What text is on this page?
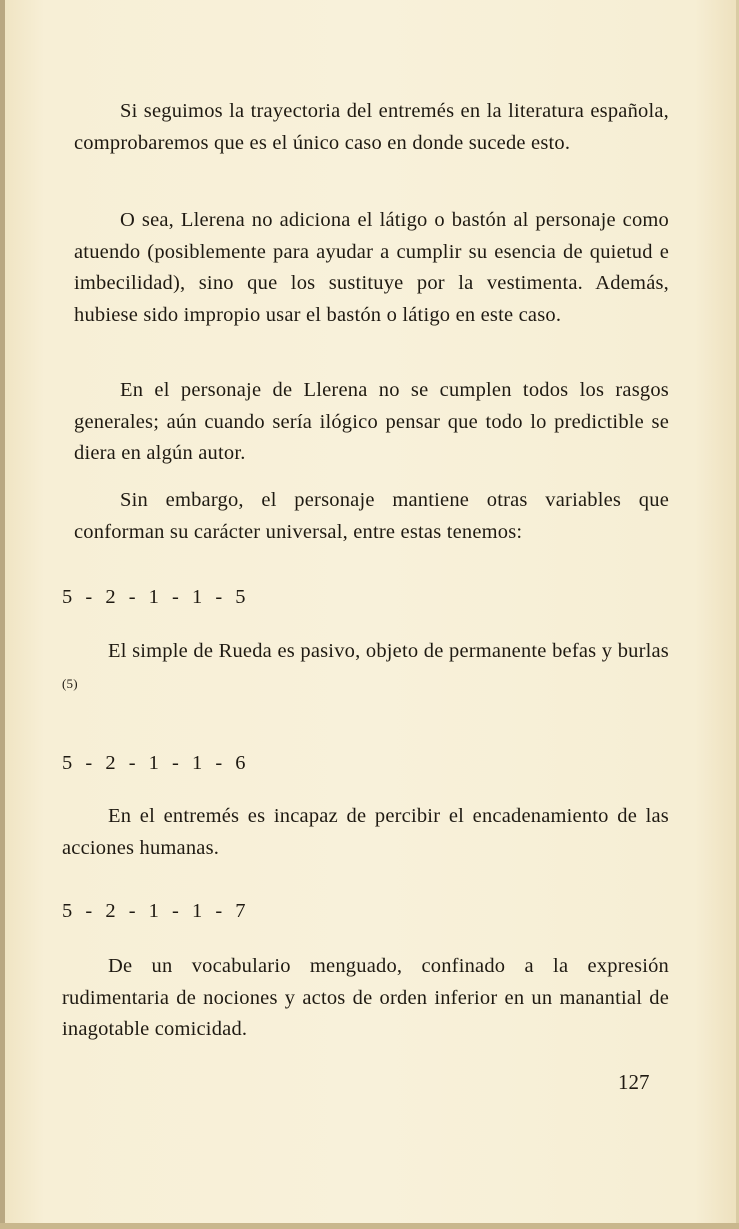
Si seguimos la trayectoria del entremés en la literatura española, comprobaremos que es el único caso en donde sucede esto.

O sea, Llerena no adiciona el látigo o bastón al personaje como atuendo (posiblemente para ayudar a cumplir su esencia de quietud e imbecilidad), sino que los sustituye por la vestimenta. Además, hubiese sido impropio usar el bastón o látigo en este caso.

En el personaje de Llerena no se cumplen todos los rasgos generales; aún cuando sería ilógico pensar que todo lo predictible se diera en algún autor.

Sin embargo, el personaje mantiene otras variables que conforman su carácter universal, entre estas tenemos:

5 - 2 - 1 - 1 - 5

El simple de Rueda es pasivo, objeto de permanente befas y burlas $^{(5)}$

5 - 2 - 1 - 1 - 6

En el entremés es incapaz de percibir el encadenamiento de las acciones humanas.

5 - 2 - 1 - 1 - 7

De un vocabulario menguado, confinado a la expresión rudimentaria de nociones y actos de orden inferior en un manantial de inagotable comicidad.

127
